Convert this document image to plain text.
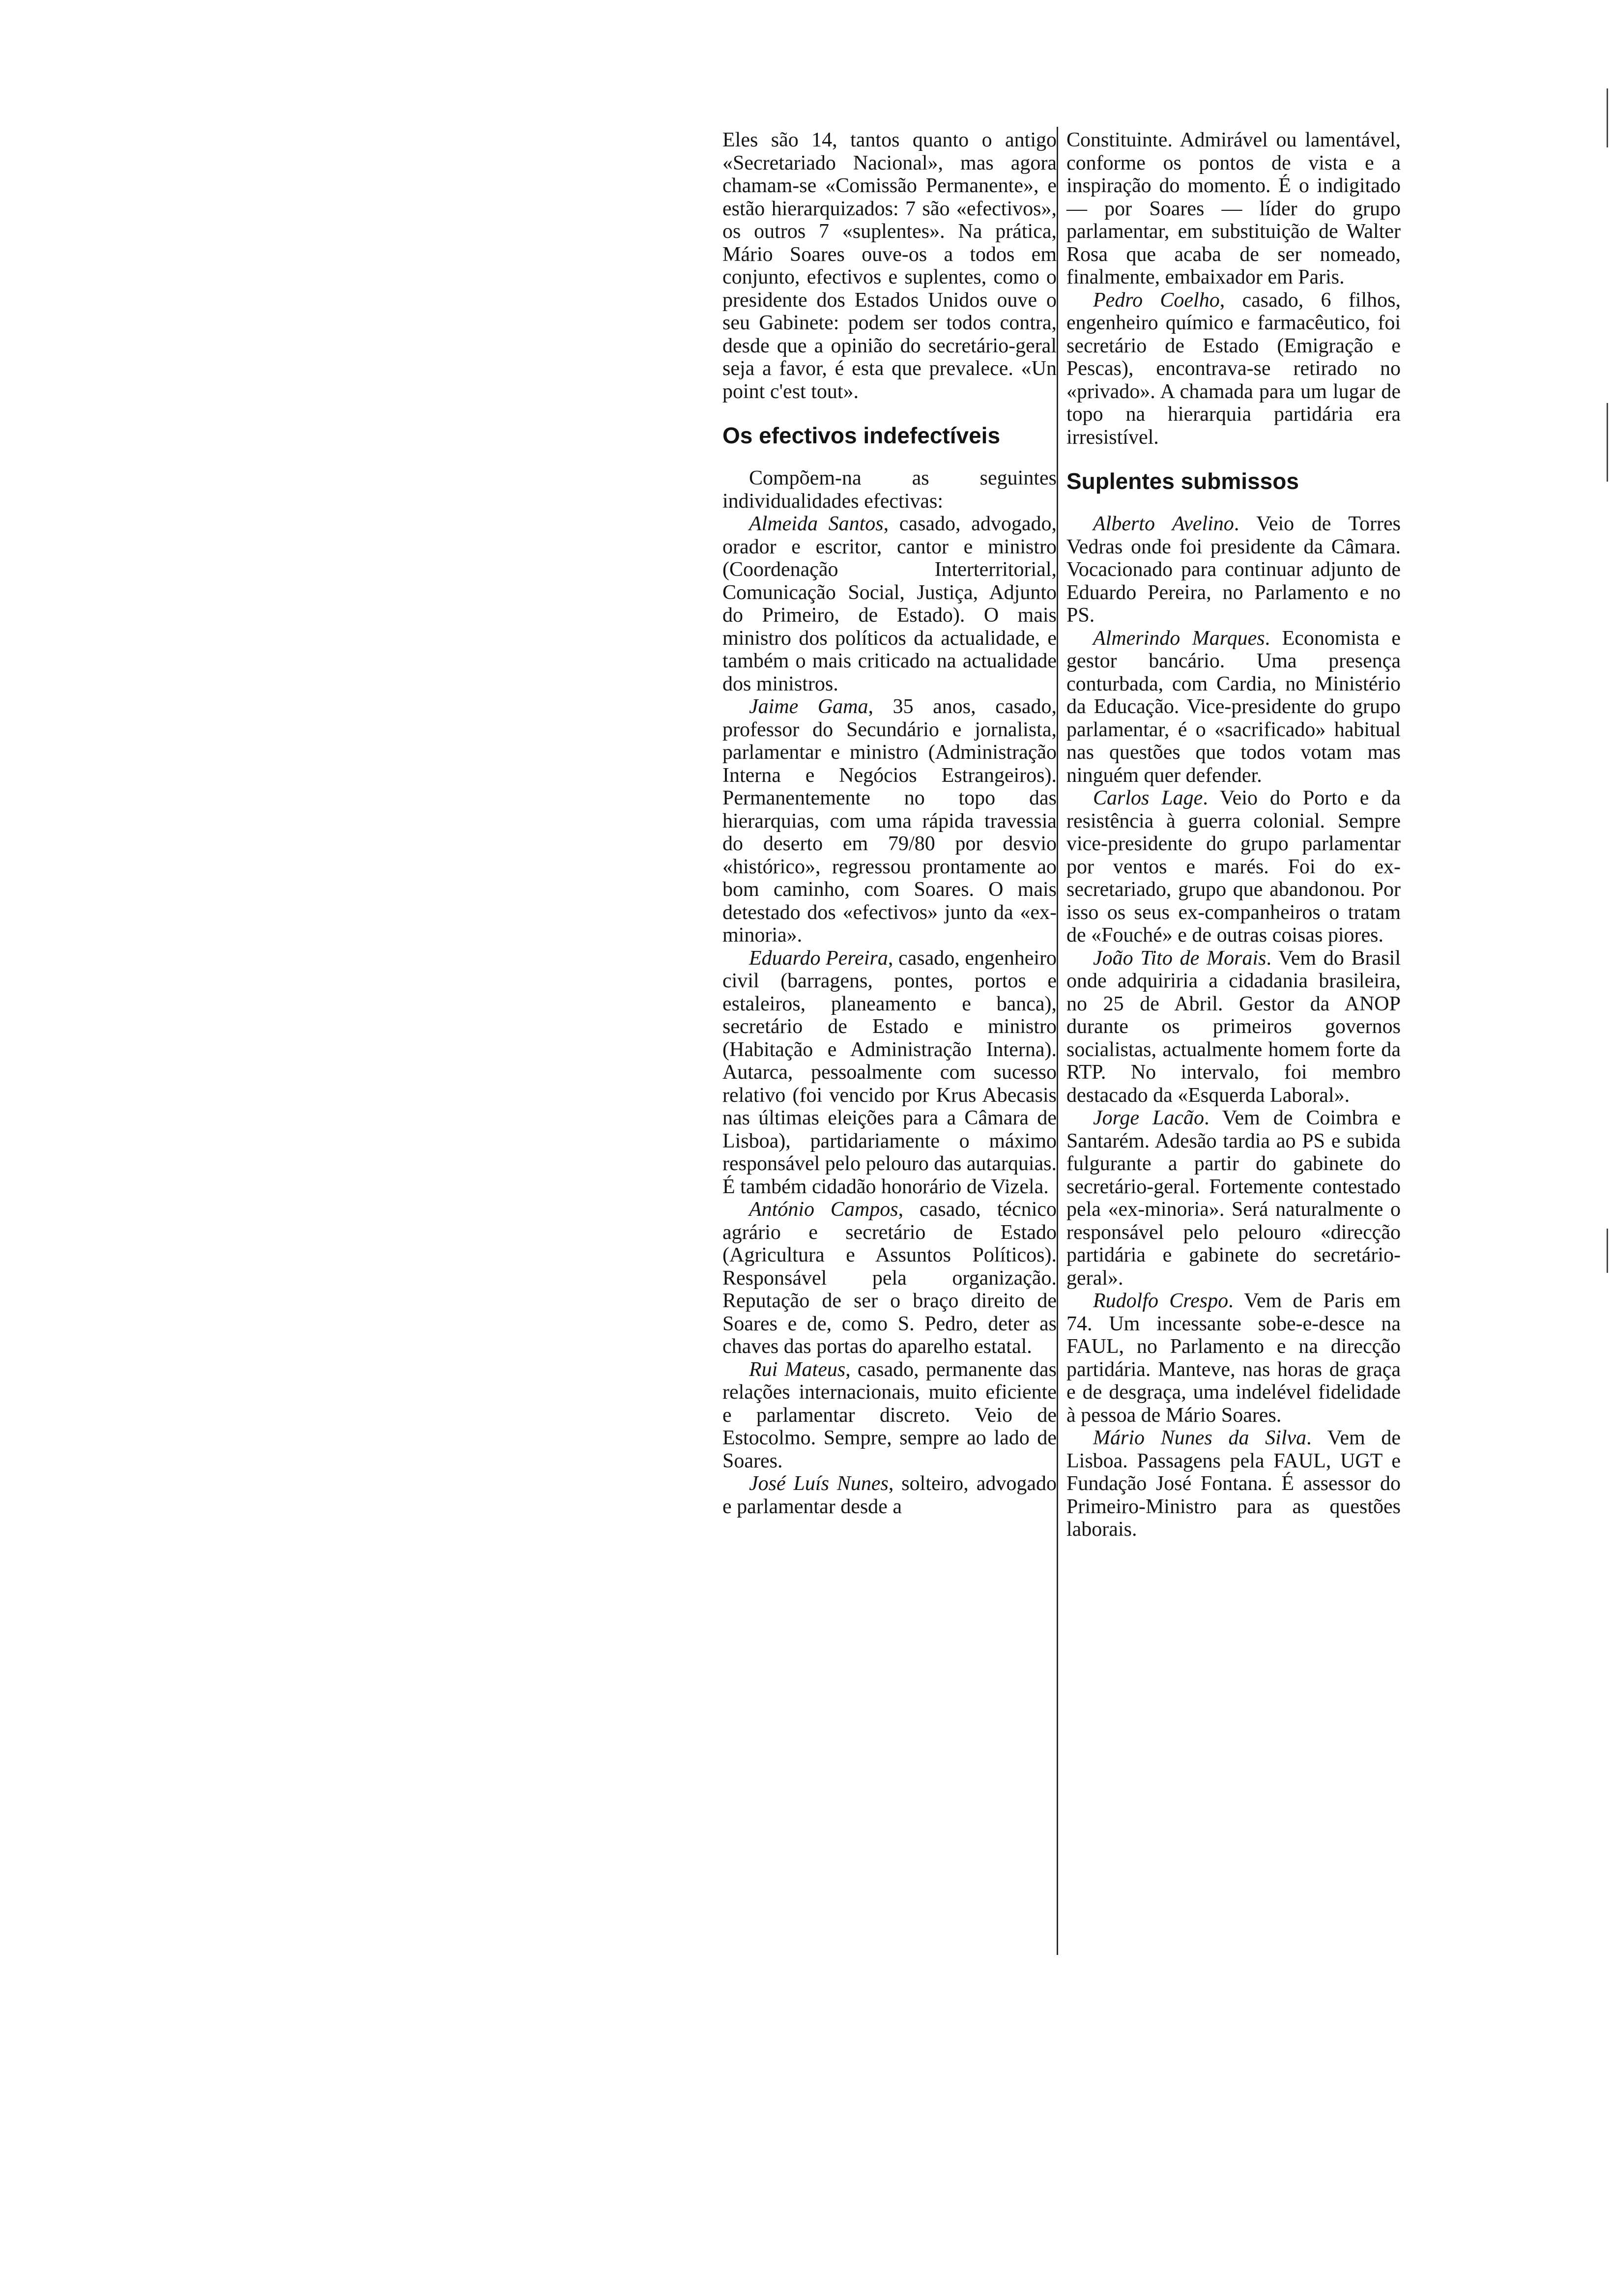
Eles são 14, tantos quanto o antigo «Secretariado Nacional», mas agora chamam-se «Comissão Permanente», e estão hierarquizados: 7 são «efectivos», os outros 7 «suplentes». Na prática, Mário Soares ouve-os a todos em conjunto, efectivos e suplentes, como o presidente dos Estados Unidos ouve o seu Gabinete: podem ser todos contra, desde que a opinião do secretário-geral seja a favor, é esta que prevalece. «Un point c'est tout».

Os efectivos indefectíveis

Compõem-na as seguintes individualidades efectivas:

Almeida Santos, casado, advogado, orador e escritor, cantor e ministro (Coordenação Interterritorial, Comunicação Social, Justiça, Adjunto do Primeiro, de Estado). O mais ministro dos políticos da actualidade, e também o mais criticado na actualidade dos ministros.

Jaime Gama, 35 anos, casado, professor do Secundário e jornalista, parlamentar e ministro (Administração Interna e Negócios Estrangeiros). Permanentemente no topo das hierarquias, com uma rápida travessia do deserto em 79/80 por desvio «histórico», regressou prontamente ao bom caminho, com Soares. O mais detestado dos «efectivos» junto da «ex-minoria».

Eduardo Pereira, casado, engenheiro civil (barragens, pontes, portos e estaleiros, planeamento e banca), secretário de Estado e ministro (Habitação e Administração Interna). Autarca, pessoalmente com sucesso relativo (foi vencido por Krus Abecasis nas últimas eleições para a Câmara de Lisboa), partidariamente o máximo responsável pelo pelouro das autarquias. É também cidadão honorário de Vizela.

António Campos, casado, técnico agrário e secretário de Estado (Agricultura e Assuntos Políticos). Responsável pela organização. Reputação de ser o braço direito de Soares e de, como S. Pedro, deter as chaves das portas do aparelho estatal.

Rui Mateus, casado, permanente das relações internacionais, muito eficiente e parlamentar discreto. Veio de Estocolmo. Sempre, sempre ao lado de Soares.

José Luís Nunes, solteiro, advogado e parlamentar desde a

Constituinte. Admirável ou lamentável, conforme os pontos de vista e a inspiração do momento. É o indigitado — por Soares — líder do grupo parlamentar, em substituição de Walter Rosa que acaba de ser nomeado, finalmente, embaixador em Paris.

Pedro Coelho, casado, 6 filhos, engenheiro químico e farmacêutico, foi secretário de Estado (Emigração e Pescas), encontrava-se retirado no «privado». A chamada para um lugar de topo na hierarquia partidária era irresistível.

Suplentes submissos

Alberto Avelino. Veio de Torres Vedras onde foi presidente da Câmara. Vocacionado para continuar adjunto de Eduardo Pereira, no Parlamento e no PS.

Almerindo Marques. Economista e gestor bancário. Uma presença conturbada, com Cardia, no Ministério da Educação. Vice-presidente do grupo parlamentar, é o «sacrificado» habitual nas questões que todos votam mas ninguém quer defender.

Carlos Lage. Veio do Porto e da resistência à guerra colonial. Sempre vice-presidente do grupo parlamentar por ventos e marés. Foi do ex-secretariado, grupo que abandonou. Por isso os seus ex-companheiros o tratam de «Fouché» e de outras coisas piores.

João Tito de Morais. Vem do Brasil onde adquiriria a cidadania brasileira, no 25 de Abril. Gestor da ANOP durante os primeiros governos socialistas, actualmente homem forte da RTP. No intervalo, foi membro destacado da «Esquerda Laboral».

Jorge Lacão. Vem de Coimbra e Santarém. Adesão tardia ao PS e subida fulgurante a partir do gabinete do secretário-geral. Fortemente contestado pela «ex-minoria». Será naturalmente o responsável pelo pelouro «direcção partidária e gabinete do secretário-geral».

Rudolfo Crespo. Vem de Paris em 74. Um incessante sobe-e-desce na FAUL, no Parlamento e na direcção partidária. Manteve, nas horas de graça e de desgraça, uma indelével fidelidade à pessoa de Mário Soares.

Mário Nunes da Silva. Vem de Lisboa. Passagens pela FAUL, UGT e Fundação José Fontana. É assessor do Primeiro-Ministro para as questões laborais.
